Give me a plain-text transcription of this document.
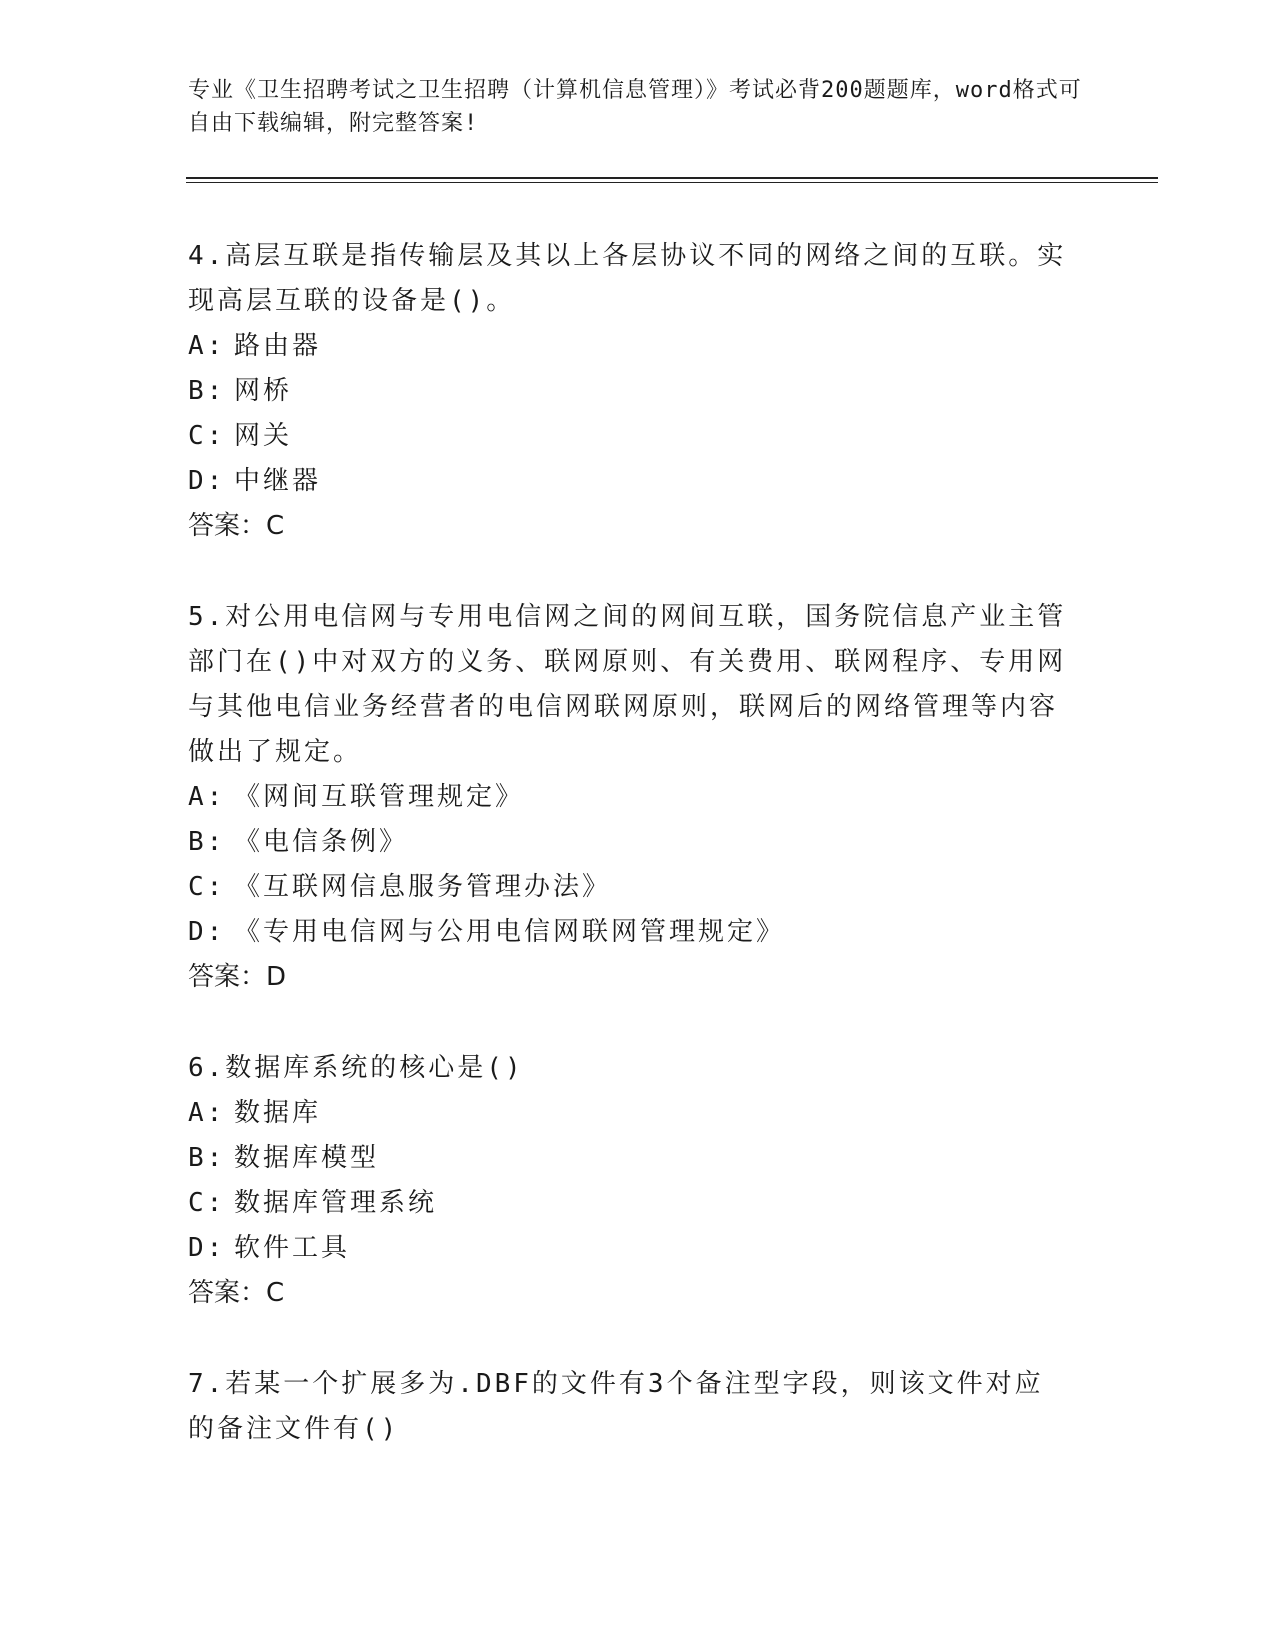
专业《卫生招聘考试之卫生招聘（计算机信息管理）》考试必背200题题库，word格式可自由下载编辑，附完整答案!

4.高层互联是指传输层及其以上各层协议不同的网络之间的互联。实现高层互联的设备是()。

A: 路由器
B: 网桥
C: 网关
D: 中继器

答案：C

5.对公用电信网与专用电信网之间的网间互联，国务院信息产业主管部门在()中对双方的义务、联网原则、有关费用、联网程序、专用网与其他电信业务经营者的电信网联网原则，联网后的网络管理等内容做出了规定。

A: 《网间互联管理规定》
B: 《电信条例》
C: 《互联网信息服务管理办法》
D: 《专用电信网与公用电信网联网管理规定》

答案：D

6.数据库系统的核心是()

A: 数据库
B: 数据库模型
C: 数据库管理系统
D: 软件工具

答案：C

7.若某一个扩展多为.DBF的文件有3个备注型字段，则该文件对应的备注文件有()
